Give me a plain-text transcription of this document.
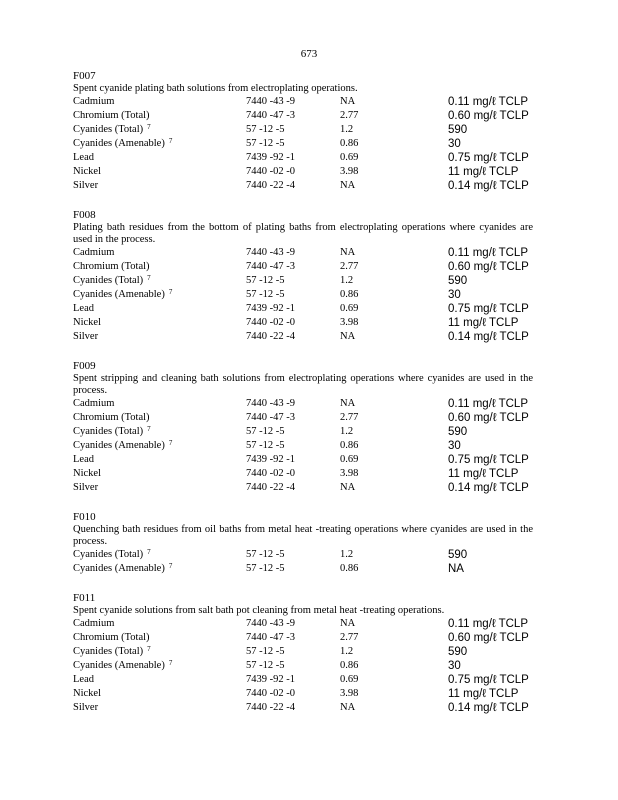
673
F007
Spent cyanide plating bath solutions from electroplating operations.
Cadmium	7440 -43 -9	NA	0.11 mg/ℓ TCLP
Chromium (Total)	7440 -47 -3	2.77	0.60 mg/ℓ TCLP
Cyanides (Total) $^7$	57 -12 -5	1.2	590
Cyanides (Amenable) $^7$	57 -12 -5	0.86	30
Lead	7439 -92 -1	0.69	0.75 mg/ℓ TCLP
Nickel	7440 -02 -0	3.98	11 mg/ℓ TCLP
Silver	7440 -22 -4	NA	0.14 mg/ℓ TCLP
F008
Plating bath residues from the bottom of plating baths from electroplating operations where cyanides are used in the process.
Cadmium	7440 -43 -9	NA	0.11 mg/ℓ TCLP
Chromium (Total)	7440 -47 -3	2.77	0.60 mg/ℓ TCLP
Cyanides (Total) $^7$	57 -12 -5	1.2	590
Cyanides (Amenable) $^7$	57 -12 -5	0.86	30
Lead	7439 -92 -1	0.69	0.75 mg/ℓ TCLP
Nickel	7440 -02 -0	3.98	11 mg/ℓ TCLP
Silver	7440 -22 -4	NA	0.14 mg/ℓ TCLP
F009
Spent stripping and cleaning bath solutions from electroplating operations where cyanides are used in the process.
Cadmium	7440 -43 -9	NA	0.11 mg/ℓ TCLP
Chromium (Total)	7440 -47 -3	2.77	0.60 mg/ℓ TCLP
Cyanides (Total) $^7$	57 -12 -5	1.2	590
Cyanides (Amenable) $^7$	57 -12 -5	0.86	30
Lead	7439 -92 -1	0.69	0.75 mg/ℓ TCLP
Nickel	7440 -02 -0	3.98	11 mg/ℓ TCLP
Silver	7440 -22 -4	NA	0.14 mg/ℓ TCLP
F010
Quenching bath residues from oil baths from metal heat -treating operations where cyanides are used in the process.
Cyanides (Total) $^7$	57 -12 -5	1.2	590
Cyanides (Amenable) $^7$	57 -12 -5	0.86	NA
F011
Spent cyanide solutions from salt bath pot cleaning from metal heat -treating operations.
Cadmium	7440 -43 -9	NA	0.11 mg/ℓ TCLP
Chromium (Total)	7440 -47 -3	2.77	0.60 mg/ℓ TCLP
Cyanides (Total) $^7$	57 -12 -5	1.2	590
Cyanides (Amenable) $^7$	57 -12 -5	0.86	30
Lead	7439 -92 -1	0.69	0.75 mg/ℓ TCLP
Nickel	7440 -02 -0	3.98	11 mg/ℓ TCLP
Silver	7440 -22 -4	NA	0.14 mg/ℓ TCLP
